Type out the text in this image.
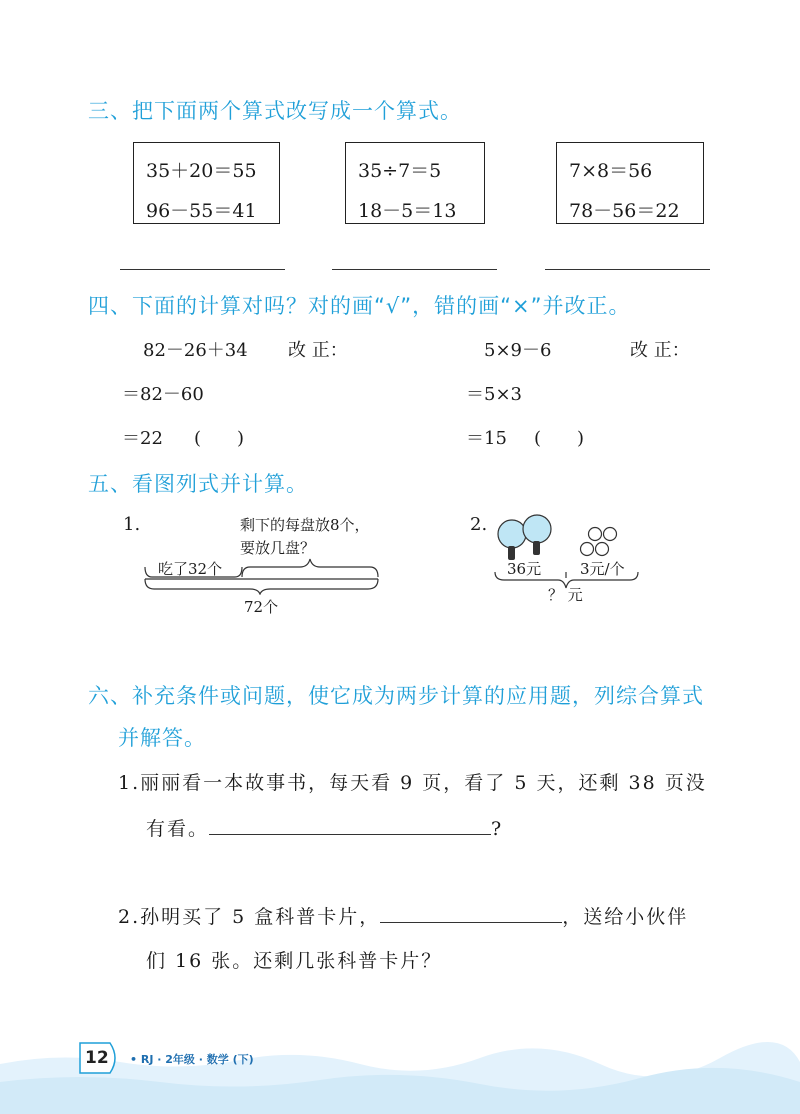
三、把下面两个算式改写成一个算式。
35＋20＝55
96－55＝41
35÷7＝5
18－5＝13
7×8＝56
78－56＝22
四、下面的计算对吗？对的画“√”，错的画“×”并改正。
82－26＋34 改 正：
＝82－60
＝22 (　　)
5×9－6	改 正：
＝5×3
＝15 (　　)
五、看图列式并计算。
1.	剩下的每盘放8个，
要放几盘？
吃了32个
72个
2.
36元	3元/个
？ 元
六、补充条件或问题，使它成为两步计算的应用题，列综合算式
并解答。
1.丽丽看一本故事书，每天看 9 页，看了 5 天，还剩 38 页没
有看。	?
2.孙明买了 5 盒科普卡片，	，送给小伙伴
们 16 张。还剩几张科普卡片？
12 • RJ · 2年级 · 数学 (下)
